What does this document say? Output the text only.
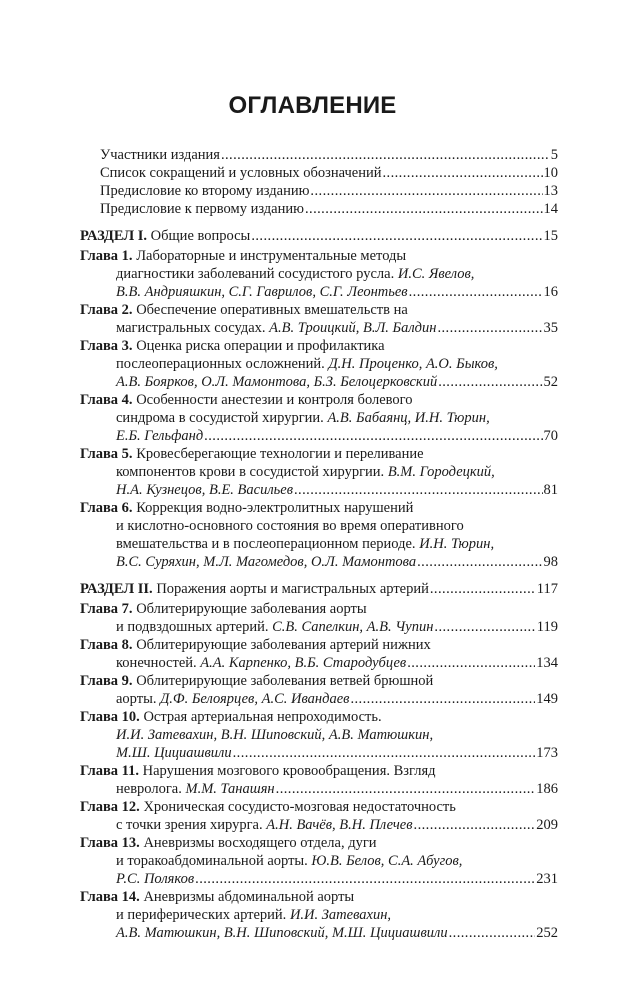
ОГЛАВЛЕНИЕ
Участники издания . . .	5
Список сокращений и условных обозначений . . .	10
Предисловие ко второму изданию . . .	13
Предисловие к первому изданию . . .	14
РАЗДЕЛ I. Общие вопросы . . .	15
Глава 1. Лабораторные и инструментальные методы
диагностики заболеваний сосудистого русла. И.С. Явелов,
В.В. Андрияшкин, С.Г. Гаврилов, С.Г. Леонтьев . . .	16
Глава 2. Обеспечение оперативных вмешательств на
магистральных сосудах. А.В. Троицкий, В.Л. Балдин . . .	35
Глава 3. Оценка риска операции и профилактика
послеоперационных осложнений. Д.Н. Проценко, А.О. Быков,
А.В. Боярков, О.Л. Мамонтова, Б.З. Белоцерковский . . .	52
Глава 4. Особенности анестезии и контроля болевого
синдрома в сосудистой хирургии. А.В. Бабаянц, И.Н. Тюрин,
Е.Б. Гельфанд . . .	70
Глава 5. Кровесберегающие технологии и переливание
компонентов крови в сосудистой хирургии. В.М. Городецкий,
Н.А. Кузнецов, В.Е. Васильев . . .	81
Глава 6. Коррекция водно-электролитных нарушений
и кислотно-основного состояния во время оперативного
вмешательства и в послеоперационном периоде. И.Н. Тюрин,
В.С. Суряхин, М.Л. Магомедов, О.Л. Мамонтова . . .	98
РАЗДЕЛ II. Поражения аорты и магистральных артерий . . .	117
Глава 7. Облитерирующие заболевания аорты
и подвздошных артерий. С.В. Сапелкин, А.В. Чупин . . .	119
Глава 8. Облитерирующие заболевания артерий нижних
конечностей. А.А. Карпенко, В.Б. Стародубцев . . .	134
Глава 9. Облитерирующие заболевания ветвей брюшной
аорты. Д.Ф. Белоярцев, А.С. Ивандаев . . .	149
Глава 10. Острая артериальная непроходимость.
И.И. Затевахин, В.Н. Шиповский, А.В. Матюшкин,
М.Ш. Цициашвили . . .	173
Глава 11. Нарушения мозгового кровообращения. Взгляд
невролога. М.М. Танашян . . .	186
Глава 12. Хроническая сосудисто-мозговая недостаточность
с точки зрения хирурга. А.Н. Вачёв, В.Н. Плечев . . .	209
Глава 13. Аневризмы восходящего отдела, дуги
и торакоабдоминальной аорты. Ю.В. Белов, С.А. Абугов,
Р.С. Поляков . . .	231
Глава 14. Аневризмы абдоминальной аорты
и периферических артерий. И.И. Затевахин,
А.В. Матюшкин, В.Н. Шиповский, М.Ш. Цициашвили . . .	252
